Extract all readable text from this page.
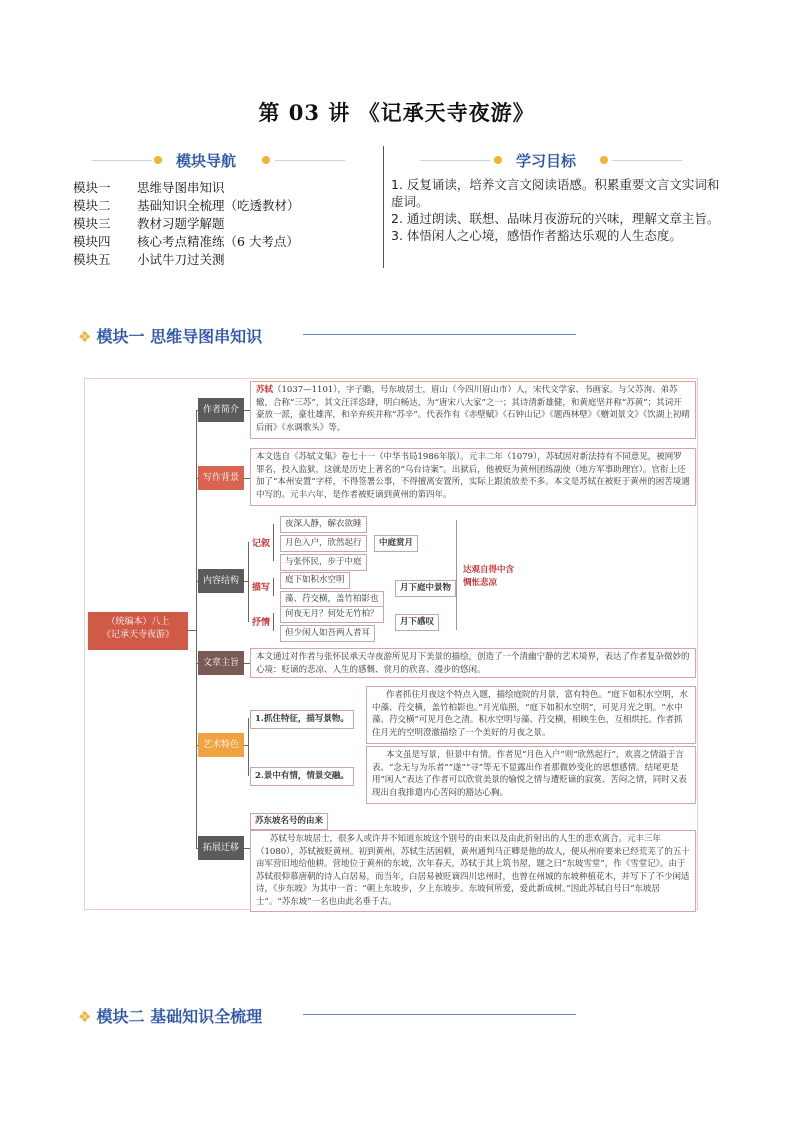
第 03 讲 《记承天寺夜游》
模块导航
模块一 思维导图串知识
模块二 基础知识全梳理（吃透教材）
模块三 教材习题学解题
模块四 核心考点精准练（6 大考点）
模块五 小试牛刀过关测
学习目标
1. 反复诵读，培养文言文阅读语感。积累重要文言文实词和虚词。
2. 通过朗读、联想、品味月夜游玩的兴味，理解文章主旨。
3. 体悟闲人之心境，感悟作者豁达乐观的人生态度。
❖ 模块一 思维导图串知识
（统编本）八上
《记承天寺夜游》
作者简介
苏轼（1037—1101），字子瞻，号东坡居士，眉山（今四川眉山市）人，宋代文学家、书画家。与父苏洵、弟苏辙，合称“三苏”，其文汪洋恣肆，明白畅达，为“唐宋八大家”之一；其诗清新雄健，和黄庭坚并称“苏黄”；其词开豪放一派，豪壮雄浑，和辛弃疾并称“苏辛”。代表作有《赤壁赋》《石钟山记》《题西林壁》《赠刘景文》《饮湖上初晴后雨》《水调歌头》等。
写作背景
本文选自《苏轼文集》卷七十一（中华书局1986年版）。元丰二年（1079），苏轼因对新法持有不同意见，被网罗罪名，投入监狱，这就是历史上著名的“乌台诗案”。出狱后，他被贬为黄州团练副使（地方军事助理官）。官衔上还加了“本州安置”字样，不得签署公事，不得擅离安置所，实际上跟流放差不多。本文是苏轼在被贬于黄州的困苦境遇中写的。元丰六年，是作者被贬谪到黄州的第四年。
内容结构
记叙
夜深人静，解衣欲睡
月色入户，欣然起行
与张怀民，步于中庭
中庭赏月
描写
庭下如积水空明
藻、荇交横，盖竹柏影也
月下庭中景物
抒情
何夜无月？何处无竹柏？
但少闲人如吾两人者耳
月下感叹
达观自得中含惆怅悲凉
文章主旨
本文通过对作者与张怀民承天寺夜游所见月下美景的描绘，创造了一个清幽宁静的艺术境界，表达了作者复杂微妙的心境：贬谪的悲凉、人生的感慨、赏月的欣喜、漫步的悠闲。
艺术特色
1.抓住特征，描写景物。
2.景中有情，情景交融。
作者抓住月夜这个特点入题，描绘庭院的月景，富有特色。“庭下如积水空明，水中藻、荇交横，盖竹柏影也。”月光临照，“庭下如积水空明”，可见月光之明。“水中藻、荇交横”可见月色之清。积水空明与藻、荇交横，相映生色，互相烘托。作者抓住月光的空明澄澈描绘了一个美好的月夜之景。
本文虽是写景，但景中有情。作者见“月色入户”则“欣然起行”，欢喜之情溢于言表。“念无与为乐者”“遂”“寻”等无不显露出作者那微妙变化的思想感情。结尾更是用“闲人”表达了作者可以欣赏美景的愉悦之情与遭贬谪的寂寞、苦闷之情，同时又表现出自我排遣内心苦闷的豁达心胸。
拓展迁移
苏东坡名号的由来
苏轼号东坡居士，很多人或许并不知道东坡这个别号的由来以及由此折射出的人生的悲欢离合。元丰三年（1080），苏轼被贬黄州。初到黄州，苏轼生活困顿，黄州通判马正卿是他的故人，便从州府要来已经荒芜了的五十亩军营旧地给他耕。营地位于黄州的东坡，次年春天，苏轼于其上筑书屋，题之曰“东坡雪堂”，作《雪堂记》。由于苏轼很仰慕唐朝的诗人白居易，而当年，白居易被贬谪四川忠州时，也曾在州城的东坡种植花木，并写下了不少闲适诗，《步东坡》为其中一首：“朝上东坡步，夕上东坡步。东坡何所爱，爱此新成树。”因此苏轼自号曰“东坡居士”。“苏东坡”一名也由此名垂千古。
❖ 模块二 基础知识全梳理
